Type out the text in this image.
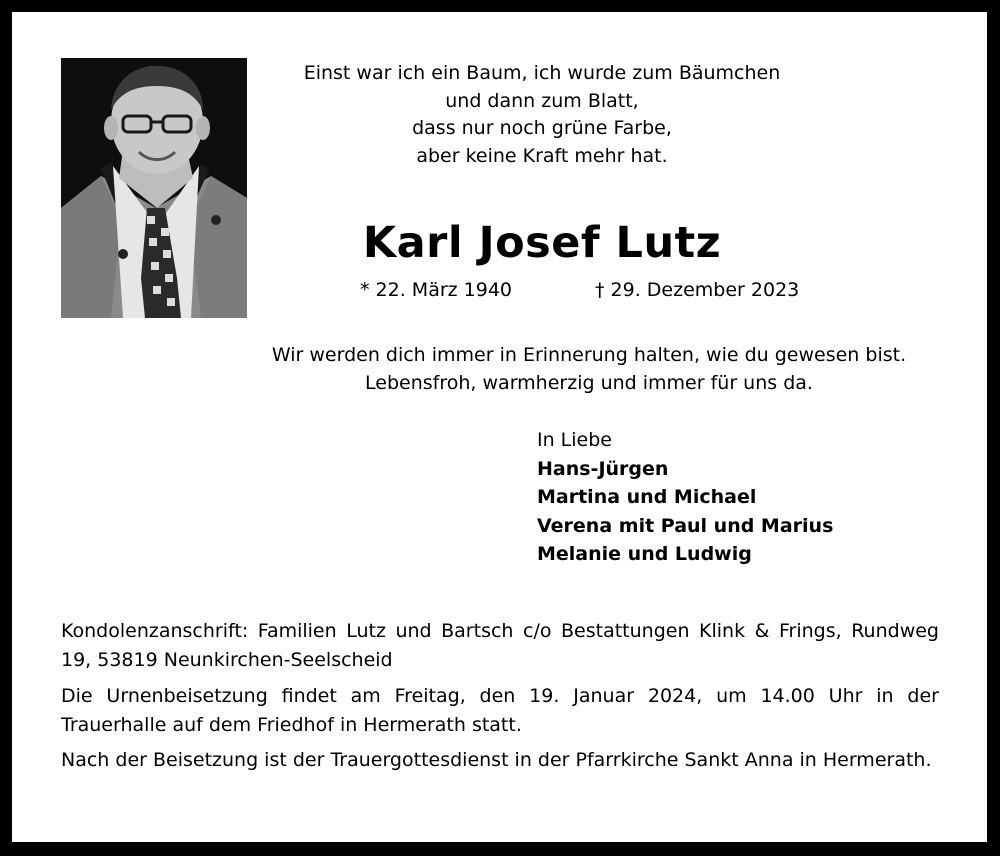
Einst war ich ein Baum, ich wurde zum Bäumchen
und dann zum Blatt,
dass nur noch grüne Farbe,
aber keine Kraft mehr hat.
Karl Josef Lutz
* 22. März 1940	† 29. Dezember 2023
Wir werden dich immer in Erinnerung halten, wie du gewesen bist.
Lebensfroh, warmherzig und immer für uns da.
In Liebe
Hans-Jürgen
Martina und Michael
Verena mit Paul und Marius
Melanie und Ludwig
Kondolenzanschrift: Familien Lutz und Bartsch c/o Bestattungen Klink & Frings, Rundweg 19, 53819 Neunkirchen-Seelscheid
Die Urnenbeisetzung findet am Freitag, den 19. Januar 2024, um 14.00 Uhr in der Trauerhalle auf dem Friedhof in Hermerath statt.
Nach der Beisetzung ist der Trauergottesdienst in der Pfarrkirche Sankt Anna in Hermerath.
